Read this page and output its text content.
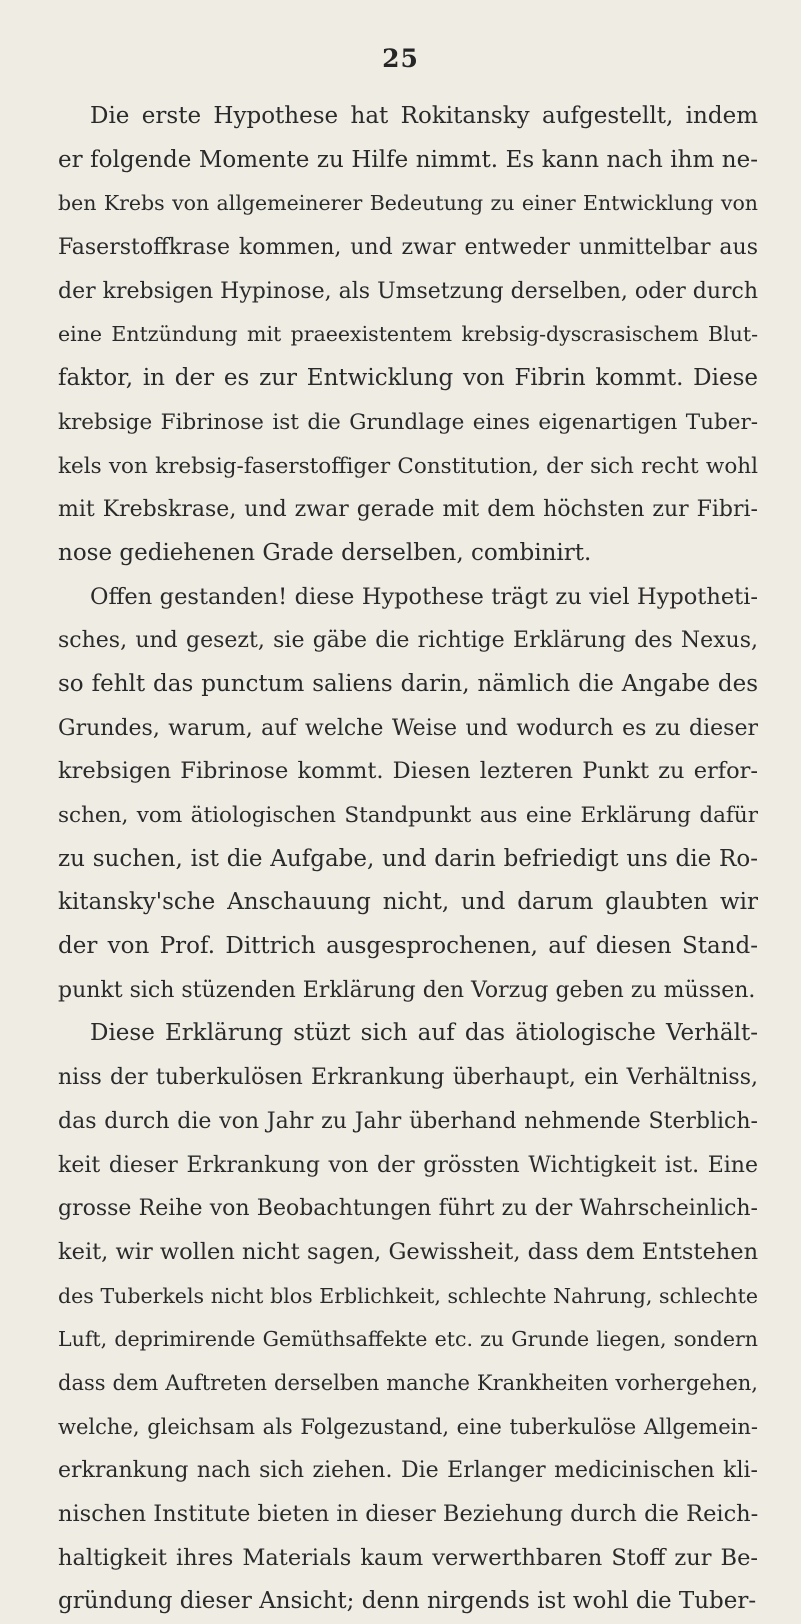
25
Die erste Hypothese hat Rokitansky aufgestellt, indem
er folgende Momente zu Hilfe nimmt. Es kann nach ihm ne-
ben Krebs von allgemeinerer Bedeutung zu einer Entwicklung von
Faserstoffkrase kommen, und zwar entweder unmittelbar aus
der krebsigen Hypinose, als Umsetzung derselben, oder durch
eine Entzündung mit praeexistentem krebsig-dyscrasischem Blut-
faktor, in der es zur Entwicklung von Fibrin kommt. Diese
krebsige Fibrinose ist die Grundlage eines eigenartigen Tuber-
kels von krebsig-faserstoffiger Constitution, der sich recht wohl
mit Krebskrase, und zwar gerade mit dem höchsten zur Fibri-
nose gediehenen Grade derselben, combinirt.
Offen gestanden! diese Hypothese trägt zu viel Hypotheti-
sches, und gesezt, sie gäbe die richtige Erklärung des Nexus,
so fehlt das punctum saliens darin, nämlich die Angabe des
Grundes, warum, auf welche Weise und wodurch es zu dieser
krebsigen Fibrinose kommt. Diesen lezteren Punkt zu erfor-
schen, vom ätiologischen Standpunkt aus eine Erklärung dafür
zu suchen, ist die Aufgabe, und darin befriedigt uns die Ro-
kitansky'sche Anschauung nicht, und darum glaubten wir
der von Prof. Dittrich ausgesprochenen, auf diesen Stand-
punkt sich stüzenden Erklärung den Vorzug geben zu müssen.
Diese Erklärung stüzt sich auf das ätiologische Verhält-
niss der tuberkulösen Erkrankung überhaupt, ein Verhältniss,
das durch die von Jahr zu Jahr überhand nehmende Sterblich-
keit dieser Erkrankung von der grössten Wichtigkeit ist. Eine
grosse Reihe von Beobachtungen führt zu der Wahrscheinlich-
keit, wir wollen nicht sagen, Gewissheit, dass dem Entstehen
des Tuberkels nicht blos Erblichkeit, schlechte Nahrung, schlechte
Luft, deprimirende Gemüthsaffekte etc. zu Grunde liegen, sondern
dass dem Auftreten derselben manche Krankheiten vorhergehen,
welche, gleichsam als Folgezustand, eine tuberkulöse Allgemein-
erkrankung nach sich ziehen. Die Erlanger medicinischen kli-
nischen Institute bieten in dieser Beziehung durch die Reich-
haltigkeit ihres Materials kaum verwerthbaren Stoff zur Be-
gründung dieser Ansicht; denn nirgends ist wohl die Tuber-
